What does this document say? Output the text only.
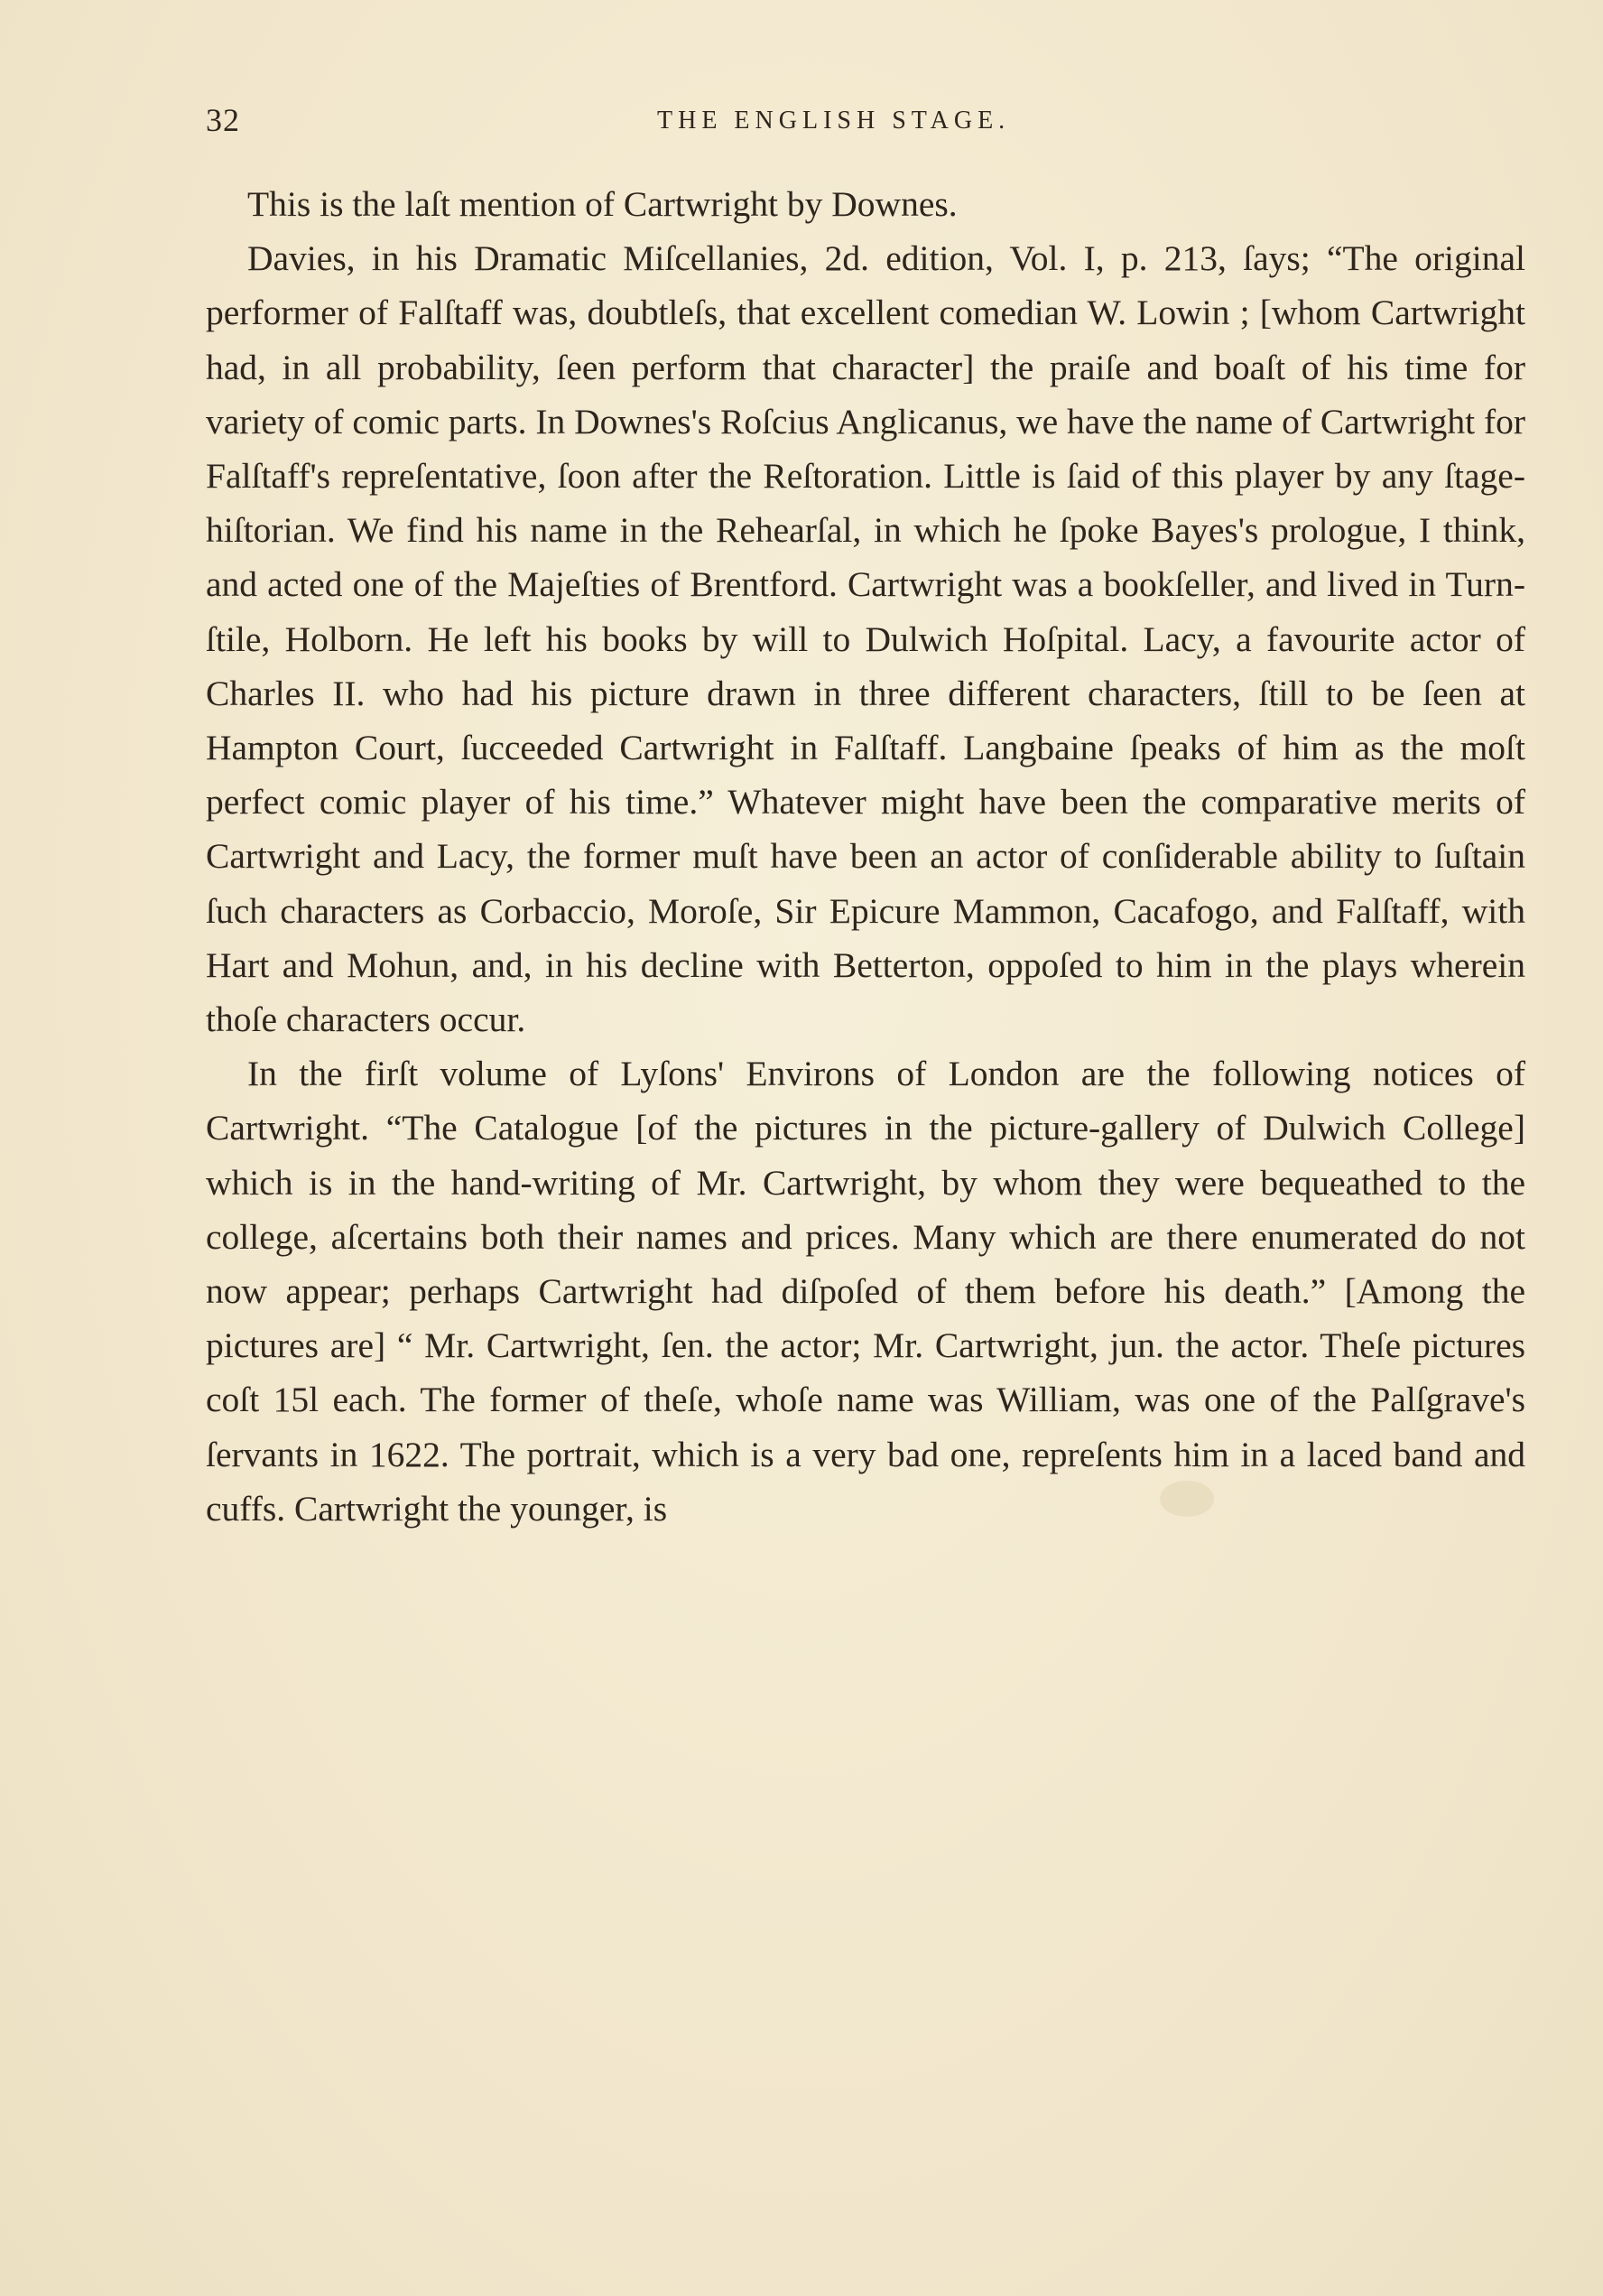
32	THE ENGLISH STAGE.

This is the laſt mention of Cartwright by Downes.

Davies, in his Dramatic Miſcellanies, 2d. edition, Vol. I, p. 213, ſays; “The original performer of Falſtaff was, doubtleſs, that excellent comedian W. Lowin ; [whom Cartwright had, in all probability, ſeen perform that character] the praiſe and boaſt of his time for variety of comic parts. In Downes's Roſcius Anglicanus, we have the name of Cartwright for Falſtaff's repreſentative, ſoon after the Reſtoration. Little is ſaid of this player by any ſtage-hiſtorian. We find his name in the Rehearſal, in which he ſpoke Bayes's prologue, I think, and acted one of the Majeſties of Brentford. Cartwright was a bookſeller, and lived in Turn-ſtile, Holborn. He left his books by will to Dulwich Hoſpital. Lacy, a favourite actor of Charles II. who had his picture drawn in three different characters, ſtill to be ſeen at Hampton Court, ſucceeded Cartwright in Falſtaff. Langbaine ſpeaks of him as the moſt perfect comic player of his time.” Whatever might have been the comparative merits of Cartwright and Lacy, the former muſt have been an actor of conſiderable ability to ſuſtain ſuch characters as Corbaccio, Moroſe, Sir Epicure Mammon, Cacafogo, and Falſtaff, with Hart and Mohun, and, in his decline with Betterton, oppoſed to him in the plays wherein thoſe characters occur.

In the firſt volume of Lyſons' Environs of London are the following notices of Cartwright. “The Catalogue [of the pictures in the picture-gallery of Dulwich College] which is in the hand-writing of Mr. Cartwright, by whom they were bequeathed to the college, aſcertains both their names and prices. Many which are there enumerated do not now appear; perhaps Cartwright had diſpoſed of them before his death.” [Among the pictures are] “ Mr. Cartwright, ſen. the actor; Mr. Cartwright, jun. the actor. Theſe pictures coſt 15l each. The former of theſe, whoſe name was William, was one of the Palſgrave's ſervants in 1622. The portrait, which is a very bad one, repreſents him in a laced band and cuffs. Cartwright the younger, is
